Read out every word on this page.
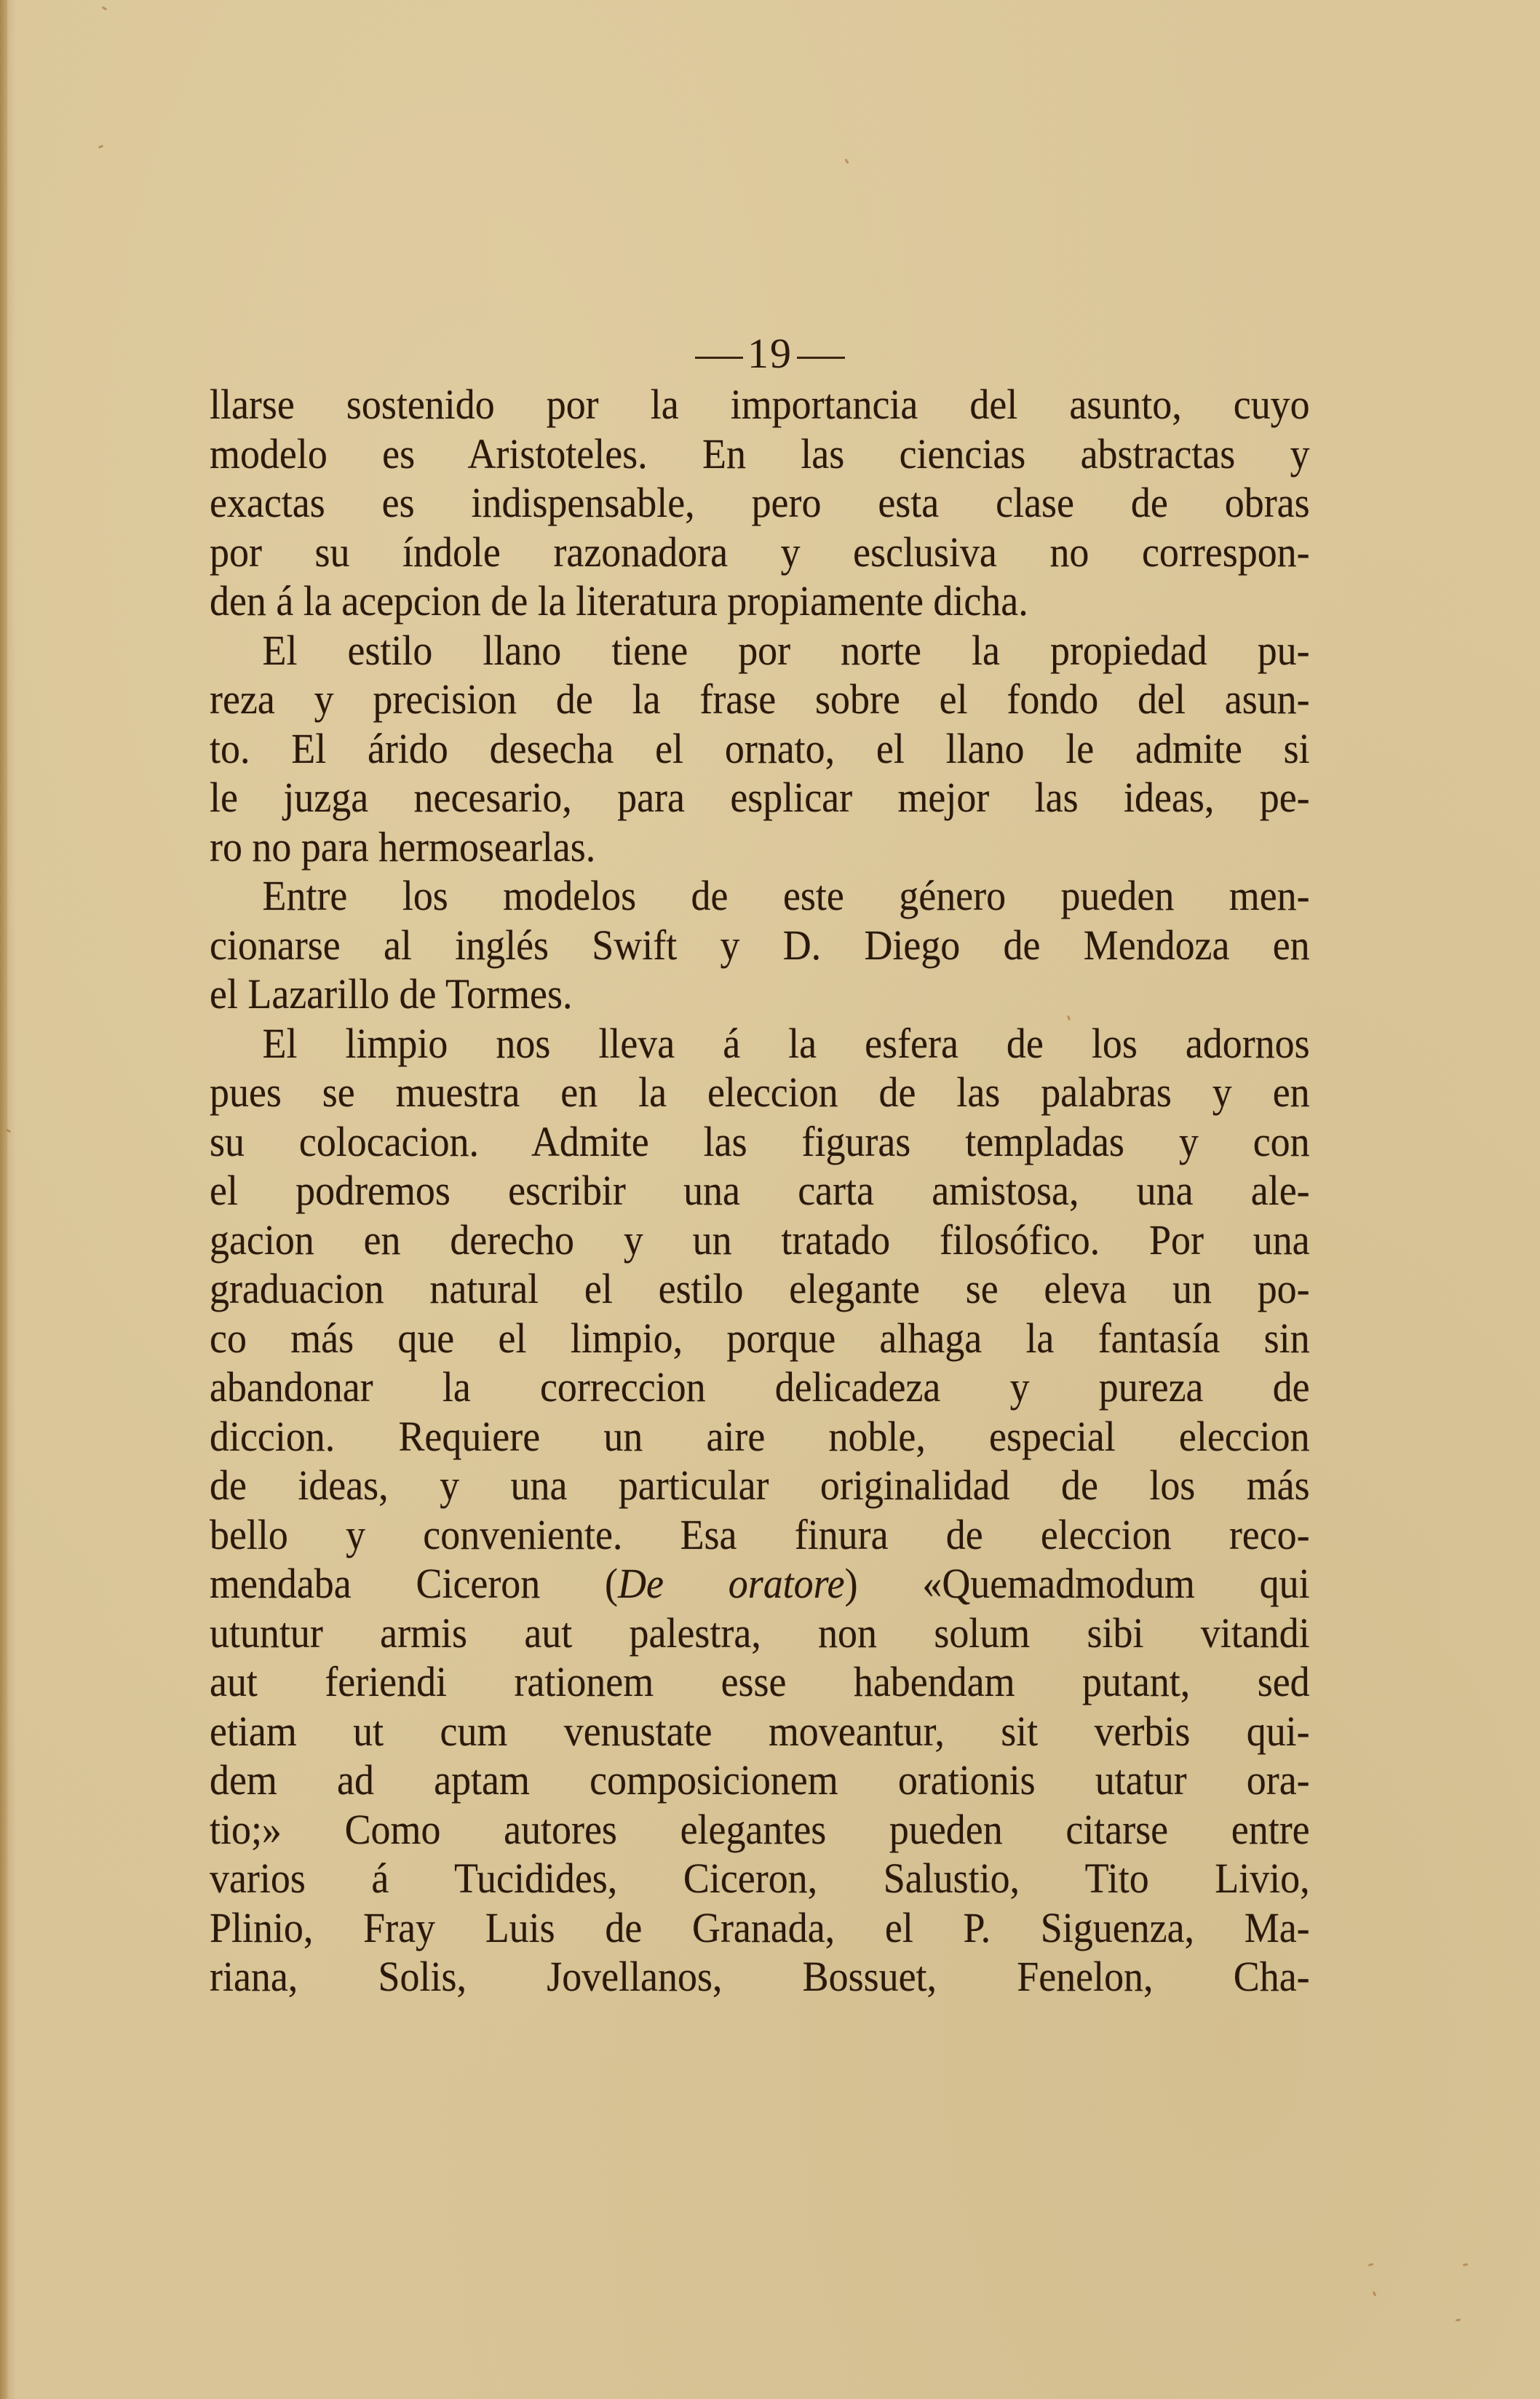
19
llarse sostenido por la importancia del asunto, cuyo
modelo es Aristoteles. En las ciencias abstractas y
exactas es indispensable, pero esta clase de obras
por su índole razonadora y esclusiva no correspon-
den á la acepcion de la literatura propiamente dicha.
El estilo llano tiene por norte la propiedad pu-
reza y precision de la frase sobre el fondo del asun-
to. El árido desecha el ornato, el llano le admite si
le juzga necesario, para esplicar mejor las ideas, pe-
ro no para hermosearlas.
Entre los modelos de este género pueden men-
cionarse al inglés Swift y D. Diego de Mendoza en
el Lazarillo de Tormes.
El limpio nos lleva á la esfera de los adornos
pues se muestra en la eleccion de las palabras y en
su colocacion. Admite las figuras templadas y con
el podremos escribir una carta amistosa, una ale-
gacion en derecho y un tratado filosófico. Por una
graduacion natural el estilo elegante se eleva un po-
co más que el limpio, porque alhaga la fantasía sin
abandonar la correccion delicadeza y pureza de
diccion. Requiere un aire noble, especial eleccion
de ideas, y una particular originalidad de los más
bello y conveniente. Esa finura de eleccion reco-
mendaba Ciceron (De oratore) «Quemadmodum qui
utuntur armis aut palestra, non solum sibi vitandi
aut feriendi rationem esse habendam putant, sed
etiam ut cum venustate moveantur, sit verbis qui-
dem ad aptam composicionem orationis utatur ora-
tio;» Como autores elegantes pueden citarse entre
varios á Tucidides, Ciceron, Salustio, Tito Livio,
Plinio, Fray Luis de Granada, el P. Siguenza, Ma-
riana, Solis, Jovellanos, Bossuet, Fenelon, Cha-
